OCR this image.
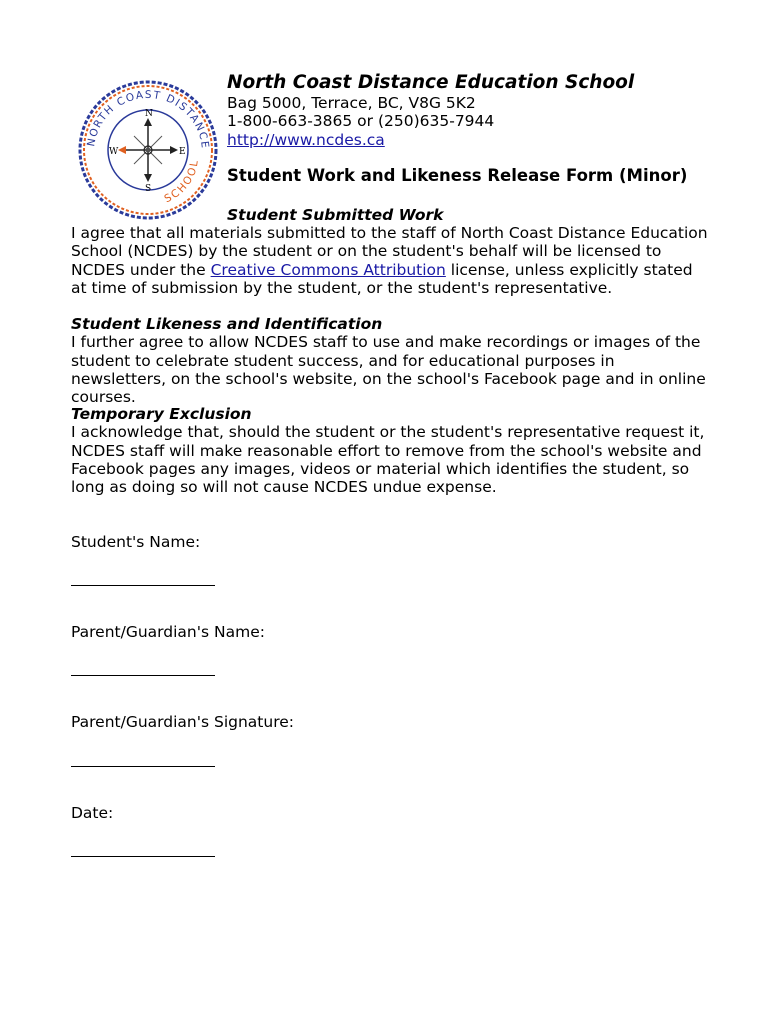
NORTH COAST DISTANCE
SCHOOL
N
S
E
W

North Coast Distance Education School

Bag 5000, Terrace, BC, V8G 5K2

1-800-663-3865 or (250)635-7944

http://www.ncdes.ca

Student Work and Likeness Release Form (Minor)

Student Submitted Work

I agree that all materials submitted to the staff of North Coast Distance Education School (NCDES) by the student or on the student's behalf will be licensed to NCDES under the Creative Commons Attribution license, unless explicitly stated at time of submission by the student, or the student's representative.

Student Likeness and Identification

I further agree to allow NCDES staff to use and make recordings or images of the student to celebrate student success, and for educational purposes in newsletters, on the school's website, on the school's Facebook page and in online courses.

Temporary Exclusion

I acknowledge that, should the student or the student's representative request it, NCDES staff will make reasonable effort to remove from the school's website and Facebook pages any images, videos or material which identifies the student, so long as doing so will not cause NCDES undue expense.

Student's Name:
Parent/Guardian's Name:
Parent/Guardian's Signature:
Date:
